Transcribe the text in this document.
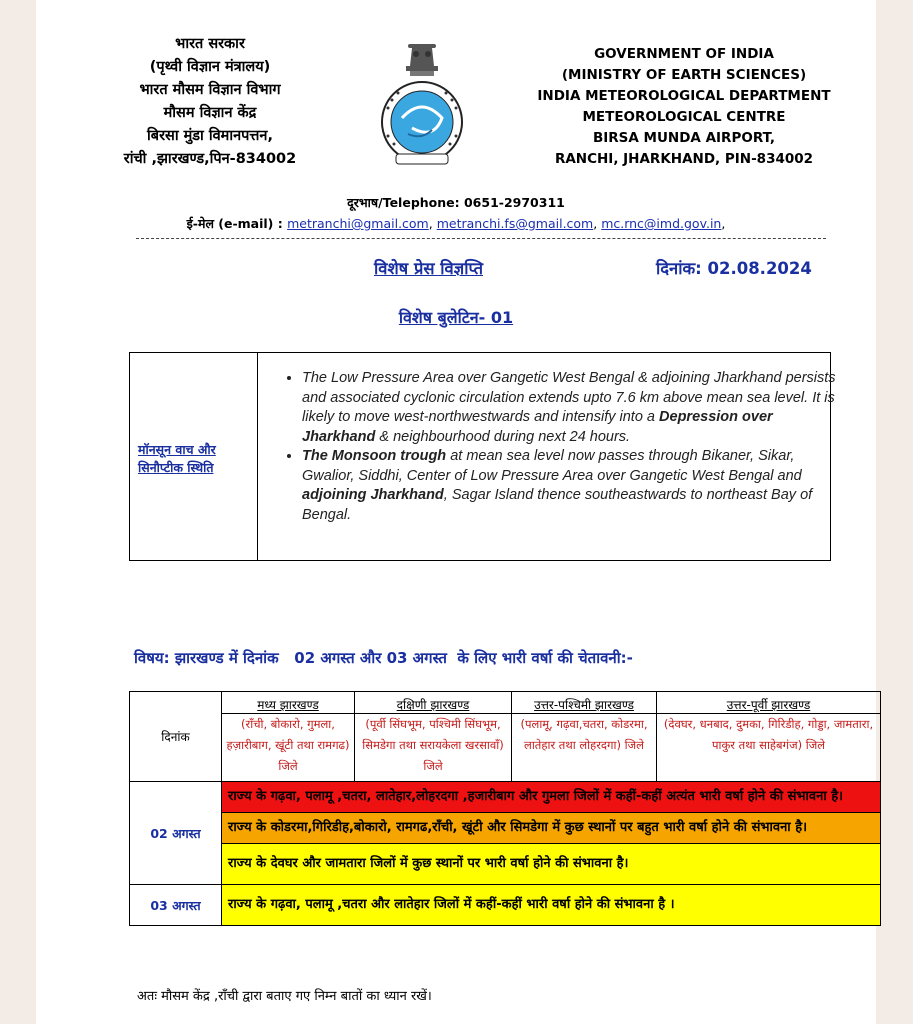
भारत सरकार
(पृथ्वी विज्ञान मंत्रालय)
भारत मौसम विज्ञान विभाग
मौसम विज्ञान केंद्र
बिरसा मुंडा विमानपत्तन,
रांची ,झारखण्ड,पिन-834002
GOVERNMENT OF INDIA
(MINISTRY OF EARTH SCIENCES)
INDIA METEOROLOGICAL DEPARTMENT
METEOROLOGICAL CENTRE
BIRSA MUNDA AIRPORT,
RANCHI, JHARKHAND, PIN-834002
दूरभाष/Telephone: 0651-2970311
ई-मेल (e-mail) : metranchi@gmail.com, metranchi.fs@gmail.com, mc.rnc@imd.gov.in,
विशेष प्रेस विज्ञप्ति	दिनांक: 02.08.2024
विशेष बुलेटिन- 01
मॉनसून वाच और सिनौप्टीक स्थिति
• The Low Pressure Area over Gangetic West Bengal & adjoining Jharkhand persists and associated cyclonic circulation extends upto 7.6 km above mean sea level. It is likely to move west-northwestwards and intensify into a Depression over Jharkhand & neighbourhood during next 24 hours.
• The Monsoon trough at mean sea level now passes through Bikaner, Sikar, Gwalior, Siddhi, Center of Low Pressure Area over Gangetic West Bengal and adjoining Jharkhand, Sagar Island thence southeastwards to northeast Bay of Bengal.
विषय: झारखण्ड में दिनांक   02 अगस्त और 03 अगस्त  के लिए भारी वर्षा की चेतावनी:-
दिनांक	मध्य झारखण्ड	दक्षिणी झारखण्ड	उत्तर-पश्चिमी झारखण्ड	उत्तर-पूर्वी झारखण्ड
	(राँची, बोकारो, गुमला, हज़ारीबाग, खूंटी तथा रामगढ) जिले	(पूर्वी सिंघभूम, पश्चिमी सिंघभूम, सिमडेगा तथा सरायकेला खरसावाँ) जिले	(पलामू, गढ़वा,चतरा, कोडरमा, लातेहार तथा लोहरदगा) जिले	(देवघर, धनबाद, दुमका, गिरिडीह, गोड्डा, जामतारा, पाकुर तथा साहेबगंज) जिले
02 अगस्त	राज्य के गढ़वा, पलामू ,चतरा, लातेहार,लोहरदगा ,हजारीबाग और गुमला जिलों में कहीं-कहीं अत्यंत भारी वर्षा होने की संभावना है।			
	राज्य के कोडरमा,गिरिडीह,बोकारो, रामगढ,राँची, खूंटी और सिमडेगा में कुछ स्थानों पर बहुत भारी वर्षा होने की संभावना है।			
	राज्य के देवघर और जामतारा जिलों में कुछ स्थानों पर भारी वर्षा होने की संभावना है।			
03 अगस्त	राज्य के गढ़वा, पलामू ,चतरा और लातेहार जिलों में कहीं-कहीं भारी वर्षा होने की संभावना है ।			
अतः मौसम केंद्र ,राँची द्वारा बताए गए निम्न बातों का ध्यान रखें।
